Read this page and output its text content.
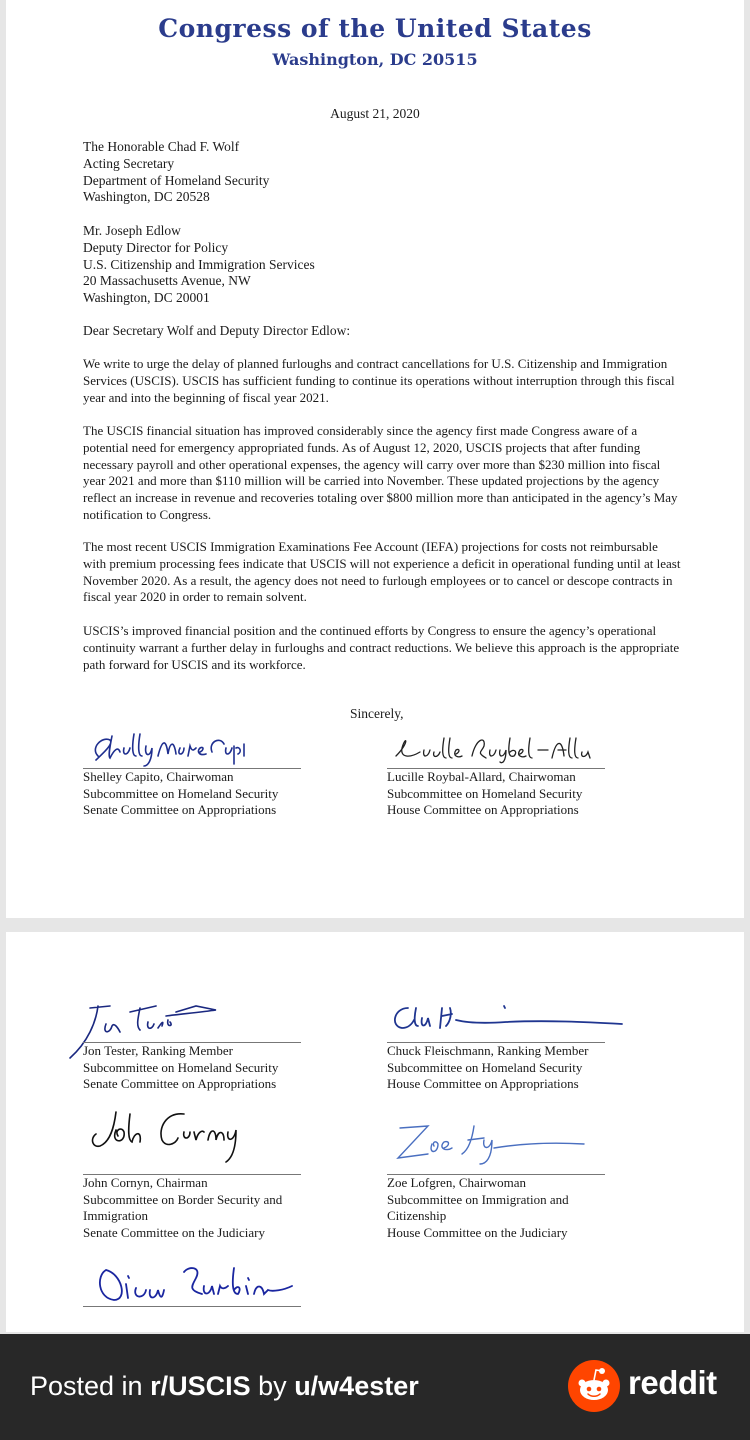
Congress of the United States
Washington, DC 20515
August 21, 2020
The Honorable Chad F. Wolf
Acting Secretary
Department of Homeland Security
Washington, DC 20528
Mr. Joseph Edlow
Deputy Director for Policy
U.S. Citizenship and Immigration Services
20 Massachusetts Avenue, NW
Washington, DC 20001
Dear Secretary Wolf and Deputy Director Edlow:
We write to urge the delay of planned furloughs and contract cancellations for U.S. Citizenship and Immigration Services (USCIS). USCIS has sufficient funding to continue its operations without interruption through this fiscal year and into the beginning of fiscal year 2021.
The USCIS financial situation has improved considerably since the agency first made Congress aware of a potential need for emergency appropriated funds. As of August 12, 2020, USCIS projects that after funding necessary payroll and other operational expenses, the agency will carry over more than $230 million into fiscal year 2021 and more than $110 million will be carried into November. These updated projections by the agency reflect an increase in revenue and recoveries totaling over $800 million more than anticipated in the agency’s May notification to Congress.
The most recent USCIS Immigration Examinations Fee Account (IEFA) projections for costs not reimbursable with premium processing fees indicate that USCIS will not experience a deficit in operational funding until at least November 2020. As a result, the agency does not need to furlough employees or to cancel or descope contracts in fiscal year 2020 in order to remain solvent.
USCIS’s improved financial position and the continued efforts by Congress to ensure the agency’s operational continuity warrant a further delay in furloughs and contract reductions. We believe this approach is the appropriate path forward for USCIS and its workforce.
Sincerely,
Shelley Capito, Chairwoman
Subcommittee on Homeland Security
Senate Committee on Appropriations
Lucille Roybal-Allard, Chairwoman
Subcommittee on Homeland Security
House Committee on Appropriations
Jon Tester, Ranking Member
Subcommittee on Homeland Security
Senate Committee on Appropriations
Chuck Fleischmann, Ranking Member
Subcommittee on Homeland Security
House Committee on Appropriations
John Cornyn, Chairman
Subcommittee on Border Security and
Immigration
Senate Committee on the Judiciary
Zoe Lofgren, Chairwoman
Subcommittee on Immigration and
Citizenship
House Committee on the Judiciary
Posted in r/USCIS by u/w4ester	reddit
